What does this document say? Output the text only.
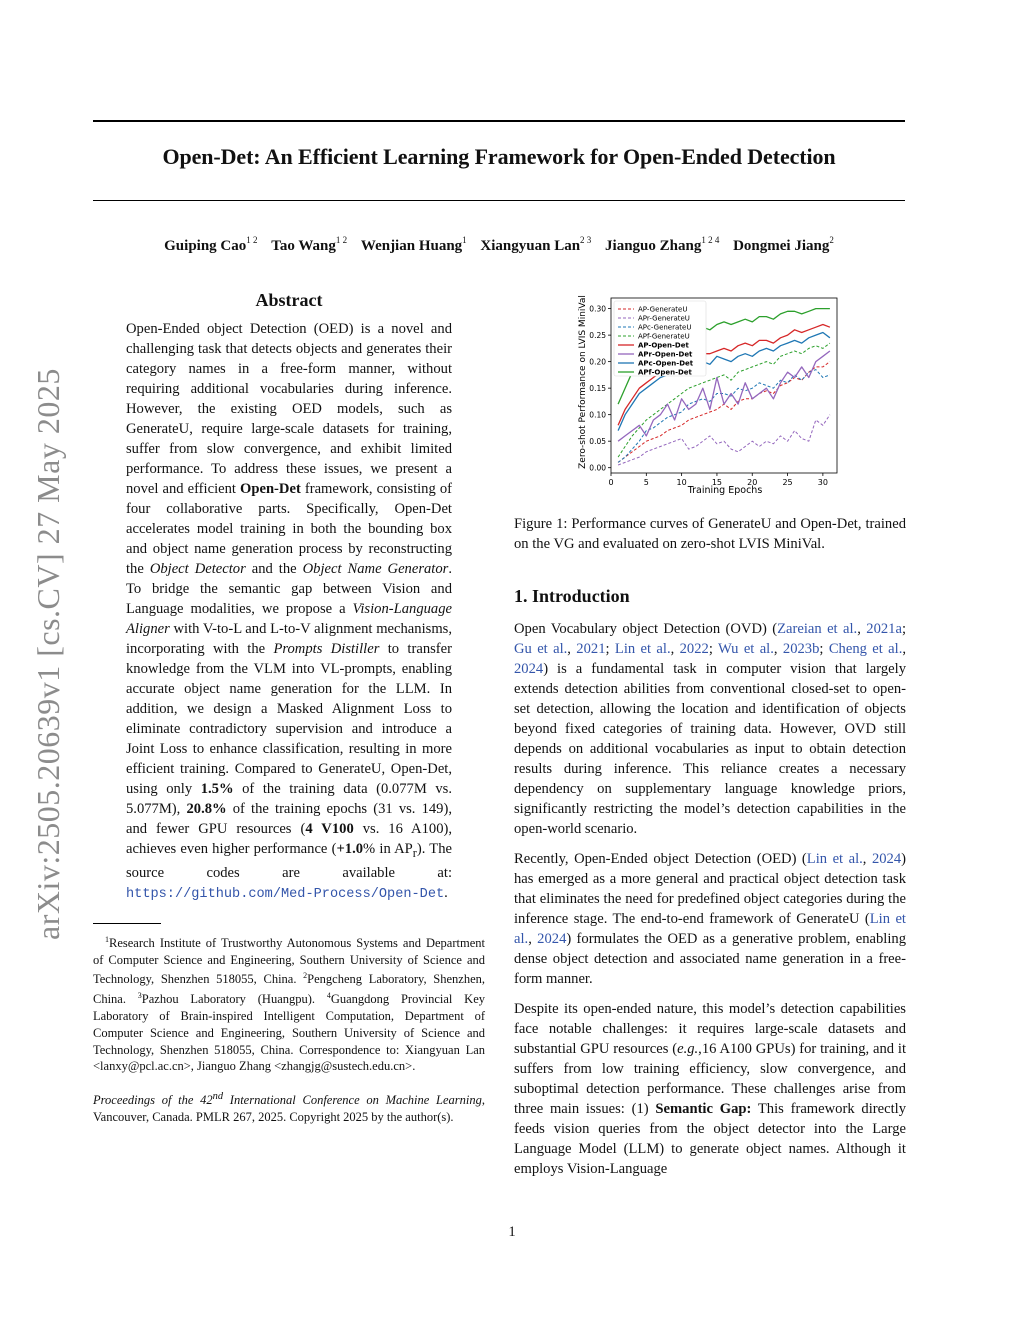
arXiv:2505.20639v1 [cs.CV] 27 May 2025
Open-Det: An Efficient Learning Framework for Open-Ended Detection
Guiping Cao$^{1 2}$ Tao Wang$^{1 2}$ Wenjian Huang$^1$ Xiangyuan Lan$^{2 3}$ Jianguo Zhang$^{1 2 4}$ Dongmei Jiang$^2$
Abstract

Open-Ended object Detection (OED) is a novel and challenging task that detects objects and generates their category names in a free-form manner, without requiring additional vocabularies during inference. However, the existing OED models, such as GenerateU, require large-scale datasets for training, suffer from slow convergence, and exhibit limited performance. To address these issues, we present a novel and efficient Open-Det framework, consisting of four collaborative parts. Specifically, Open-Det accelerates model training in both the bounding box and object name generation process by reconstructing the Object Detector and the Object Name Generator. To bridge the semantic gap between Vision and Language modalities, we propose a Vision-Language Aligner with V-to-L and L-to-V alignment mechanisms, incorporating with the Prompts Distiller to transfer knowledge from the VLM into VL-prompts, enabling accurate object name generation for the LLM. In addition, we design a Masked Alignment Loss to eliminate contradictory supervision and introduce a Joint Loss to enhance classification, resulting in more efficient training. Compared to GenerateU, Open-Det, using only 1.5% of the training data (0.077M vs. 5.077M), 20.8% of the training epochs (31 vs. 149), and fewer GPU resources (4 V100 vs. 16 A100), achieves even higher performance (+1.0% in $AP_r$). The source codes are available at: https://github.com/Med-Process/Open-Det.

$^1$Research Institute of Trustworthy Autonomous Systems and Department of Computer Science and Engineering, Southern University of Science and Technology, Shenzhen 518055, China. $^2$Pengcheng Laboratory, Shenzhen, China. $^3$Pazhou Laboratory (Huangpu). $^4$Guangdong Provincial Key Laboratory of Brain-inspired Intelligent Computation, Department of Computer Science and Engineering, Southern University of Science and Technology, Shenzhen 518055, China. Correspondence to: Xiangyuan Lan <lanxy@pcl.ac.cn>, Jianguo Zhang <zhangjg@sustech.edu.cn>.

Proceedings of the 42nd International Conference on Machine Learning, Vancouver, Canada. PMLR 267, 2025. Copyright 2025 by the author(s).

0	5	10	15	20	25	30
0.00
0.05
0.10
0.15
0.20
0.25
0.30	AP-GenerateU
APr-GenerateU
APc-GenerateU
APf-GenerateU
AP-Open-Det
APr-Open-Det
APc-Open-Det
APf-Open-Det
Training Epochs
Zero-shot Performance on LVIS MiniVal

Figure 1: Performance curves of GenerateU and Open-Det, trained on the VG and evaluated on zero-shot LVIS MiniVal.

1. Introduction

Open Vocabulary object Detection (OVD) (Zareian et al., 2021a; Gu et al., 2021; Lin et al., 2022; Wu et al., 2023b; Cheng et al., 2024) is a fundamental task in computer vision that largely extends detection abilities from conventional closed-set to open-set detection, allowing the location and identification of objects beyond fixed categories of training data. However, OVD still depends on additional vocabularies as input to obtain detection results during inference. This reliance creates a necessary dependency on supplementary language knowledge priors, significantly restricting the model’s detection capabilities in the open-world scenario.

Recently, Open-Ended object Detection (OED) (Lin et al., 2024) has emerged as a more general and practical object detection task that eliminates the need for predefined object categories during the inference stage. The end-to-end framework of GenerateU (Lin et al., 2024) formulates the OED as a generative problem, enabling dense object detection and associated name generation in a free-form manner.

Despite its open-ended nature, this model’s detection capabilities face notable challenges: it requires large-scale datasets and substantial GPU resources (e.g.,16 A100 GPUs) for training, and it suffers from low training efficiency, slow convergence, and suboptimal detection performance. These challenges arise from three main issues: (1) Semantic Gap: This framework directly feeds vision queries from the object detector into the Large Language Model (LLM) to generate object names. Although it employs Vision-Language

1
